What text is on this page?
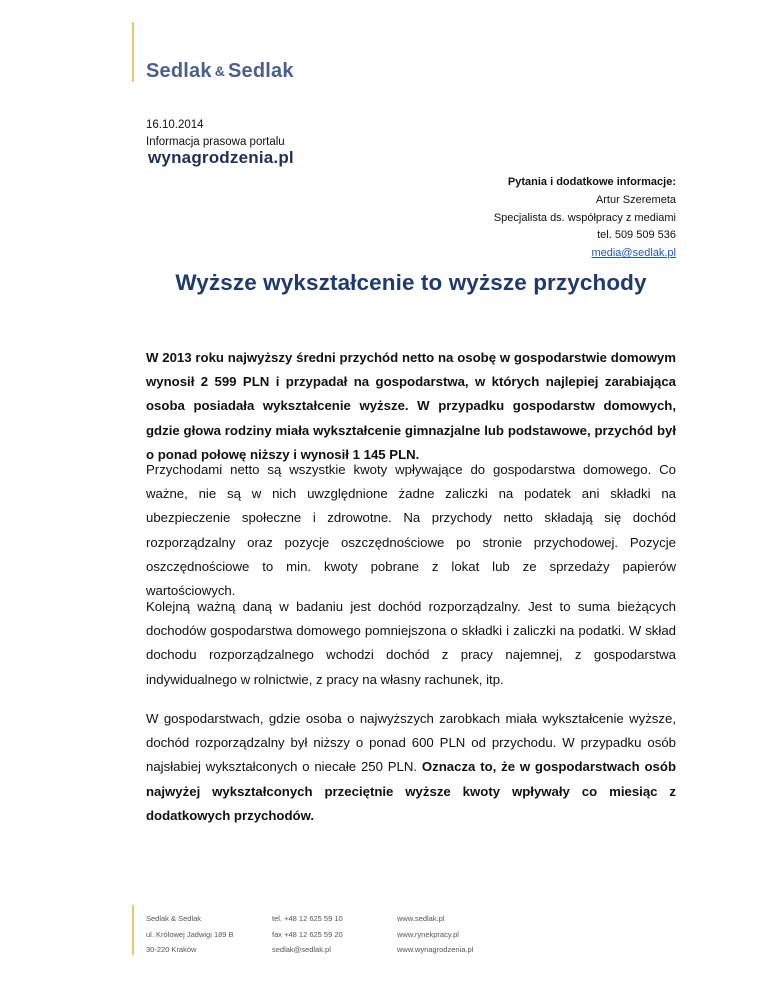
Sedlak & Sedlak
16.10.2014
Informacja prasowa portalu
wynagrodzenia.pl
Pytania i dodatkowe informacje:
Artur Szeremeta
Specjalista ds. współpracy z mediami
tel. 509 509 536
media@sedlak.pl
Wyższe wykształcenie to wyższe przychody
W 2013 roku najwyższy średni przychód netto na osobę w gospodarstwie domowym wynosił 2 599 PLN i przypadał na gospodarstwa, w których najlepiej zarabiająca osoba posiadała wykształcenie wyższe. W przypadku gospodarstw domowych, gdzie głowa rodziny miała wykształcenie gimnazjalne lub podstawowe, przychód był o ponad połowę niższy i wynosił 1 145 PLN.
Przychodami netto są wszystkie kwoty wpływające do gospodarstwa domowego. Co ważne, nie są w nich uwzględnione żadne zaliczki na podatek ani składki na ubezpieczenie społeczne i zdrowotne. Na przychody netto składają się dochód rozporządzalny oraz pozycje oszczędnościowe po stronie przychodowej. Pozycje oszczędnościowe to min. kwoty pobrane z lokat lub ze sprzedaży papierów wartościowych.
Kolejną ważną daną w badaniu jest dochód rozporządzalny. Jest to suma bieżących dochodów gospodarstwa domowego pomniejszona o składki i zaliczki na podatki. W skład dochodu rozporządzalnego wchodzi dochód z pracy najemnej, z gospodarstwa indywidualnego w rolnictwie, z pracy na własny rachunek, itp.
W gospodarstwach, gdzie osoba o najwyższych zarobkach miała wykształcenie wyższe, dochód rozporządzalny był niższy o ponad 600 PLN od przychodu. W przypadku osób najsłabiej wykształconych o niecałe 250 PLN. Oznacza to, że w gospodarstwach osób najwyżej wykształconych przeciętnie wyższe kwoty wpływały co miesiąc z dodatkowych przychodów.
Sedlak & Sedlak
ul. Królowej Jadwigi 189 B
30-220 Kraków
tel. +48 12 625 59 10
fax +48 12 625 59 20
sedlak@sedlak.pl
www.sedlak.pl
www.rynekpracy.pl
www.wynagrodzenia.pl
